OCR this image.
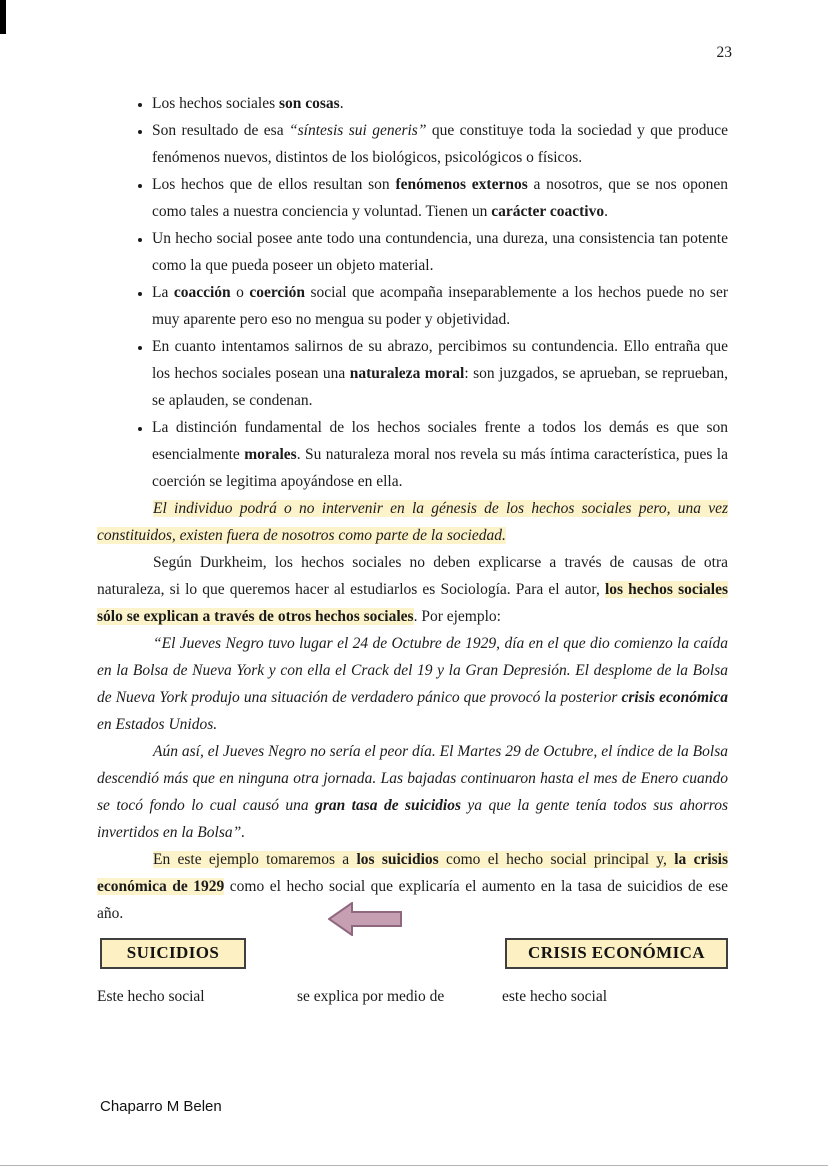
23
• Los hechos sociales son cosas.
• Son resultado de esa “síntesis sui generis” que constituye toda la sociedad y que produce fenómenos nuevos, distintos de los biológicos, psicológicos o físicos.
• Los hechos que de ellos resultan son fenómenos externos a nosotros, que se nos oponen como tales a nuestra conciencia y voluntad. Tienen un carácter coactivo.
• Un hecho social posee ante todo una contundencia, una dureza, una consistencia tan potente como la que pueda poseer un objeto material.
• La coacción o coerción social que acompaña inseparablemente a los hechos puede no ser muy aparente pero eso no mengua su poder y objetividad.
• En cuanto intentamos salirnos de su abrazo, percibimos su contundencia. Ello entraña que los hechos sociales posean una naturaleza moral: son juzgados, se aprueban, se reprueban, se aplauden, se condenan.
• La distinción fundamental de los hechos sociales frente a todos los demás es que son esencialmente morales. Su naturaleza moral nos revela su más íntima característica, pues la coerción se legitima apoyándose en ella.

El individuo podrá o no intervenir en la génesis de los hechos sociales pero, una vez constituidos, existen fuera de nosotros como parte de la sociedad.

Según Durkheim, los hechos sociales no deben explicarse a través de causas de otra naturaleza, si lo que queremos hacer al estudiarlos es Sociología. Para el autor, los hechos sociales sólo se explican a través de otros hechos sociales. Por ejemplo:

“El Jueves Negro tuvo lugar el 24 de Octubre de 1929, día en el que dio comienzo la caída en la Bolsa de Nueva York y con ella el Crack del 19 y la Gran Depresión. El desplome de la Bolsa de Nueva York produjo una situación de verdadero pánico que provocó la posterior crisis económica en Estados Unidos.

Aún así, el Jueves Negro no sería el peor día. El Martes 29 de Octubre, el índice de la Bolsa descendió más que en ninguna otra jornada. Las bajadas continuaron hasta el mes de Enero cuando se tocó fondo lo cual causó una gran tasa de suicidios ya que la gente tenía todos sus ahorros invertidos en la Bolsa”.

En este ejemplo tomaremos a los suicidios como el hecho social principal y, la crisis económica de 1929 como el hecho social que explicaría el aumento en la tasa de suicidios de ese año.

SUICIDIOS	CRISIS ECONÓMICA
Este hecho social	se explica por medio de	este hecho social
Chaparro M Belen
